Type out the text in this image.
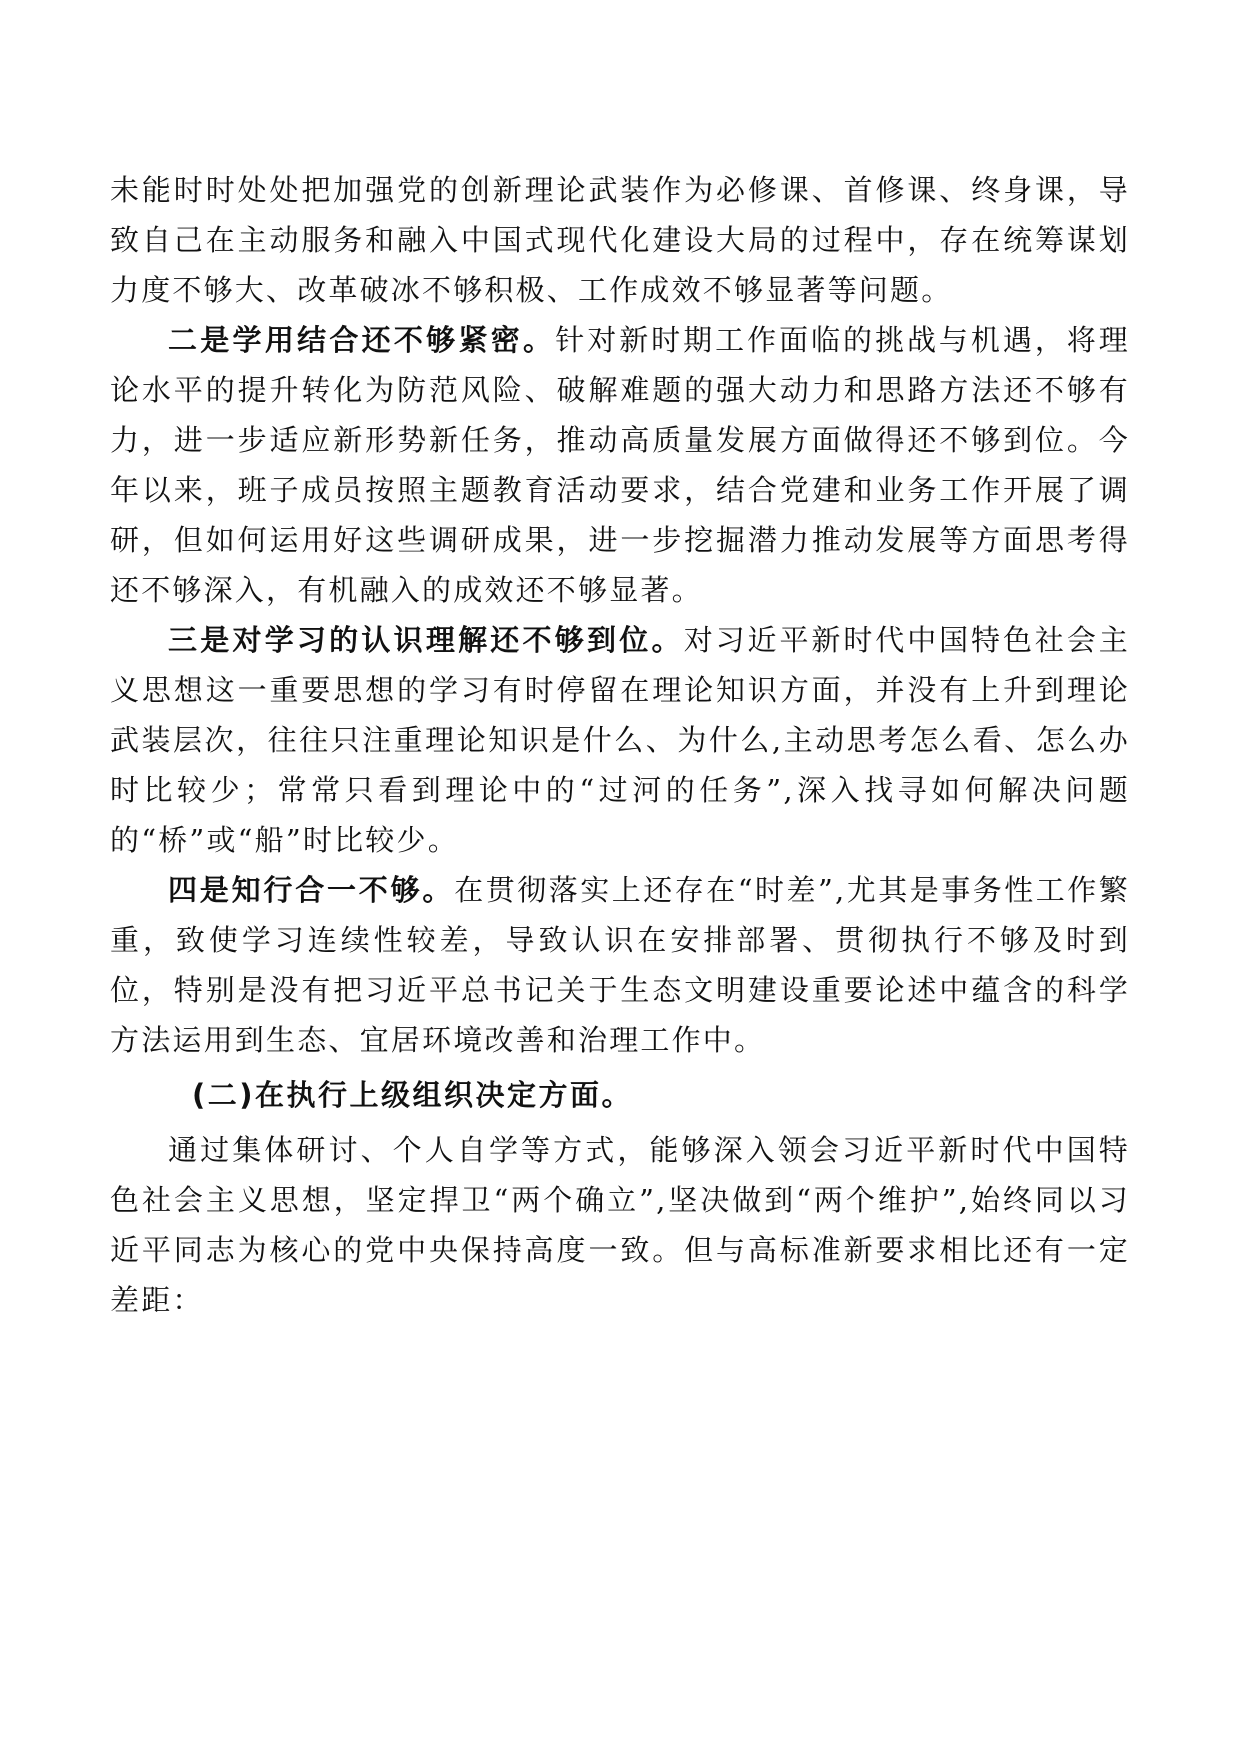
未能时时处处把加强党的创新理论武装作为必修课、首修课、终身课，导致自己在主动服务和融入中国式现代化建设大局的过程中，存在统筹谋划力度不够大、改革破冰不够积极、工作成效不够显著等问题。

二是学用结合还不够紧密。针对新时期工作面临的挑战与机遇，将理论水平的提升转化为防范风险、破解难题的强大动力和思路方法还不够有力，进一步适应新形势新任务，推动高质量发展方面做得还不够到位。今年以来，班子成员按照主题教育活动要求，结合党建和业务工作开展了调研，但如何运用好这些调研成果，进一步挖掘潜力推动发展等方面思考得还不够深入，有机融入的成效还不够显著。

三是对学习的认识理解还不够到位。对习近平新时代中国特色社会主义思想这一重要思想的学习有时停留在理论知识方面，并没有上升到理论武装层次，往往只注重理论知识是什么、为什么,主动思考怎么看、怎么办时比较少；常常只看到理论中的“过河的任务”,深入找寻如何解决问题的“桥”或“船”时比较少。

四是知行合一不够。在贯彻落实上还存在“时差”,尤其是事务性工作繁重，致使学习连续性较差，导致认识在安排部署、贯彻执行不够及时到位，特别是没有把习近平总书记关于生态文明建设重要论述中蕴含的科学方法运用到生态、宜居环境改善和治理工作中。

(二)在执行上级组织决定方面。

通过集体研讨、个人自学等方式，能够深入领会习近平新时代中国特色社会主义思想，坚定捍卫“两个确立”,坚决做到“两个维护”,始终同以习近平同志为核心的党中央保持高度一致。但与高标准新要求相比还有一定差距：
